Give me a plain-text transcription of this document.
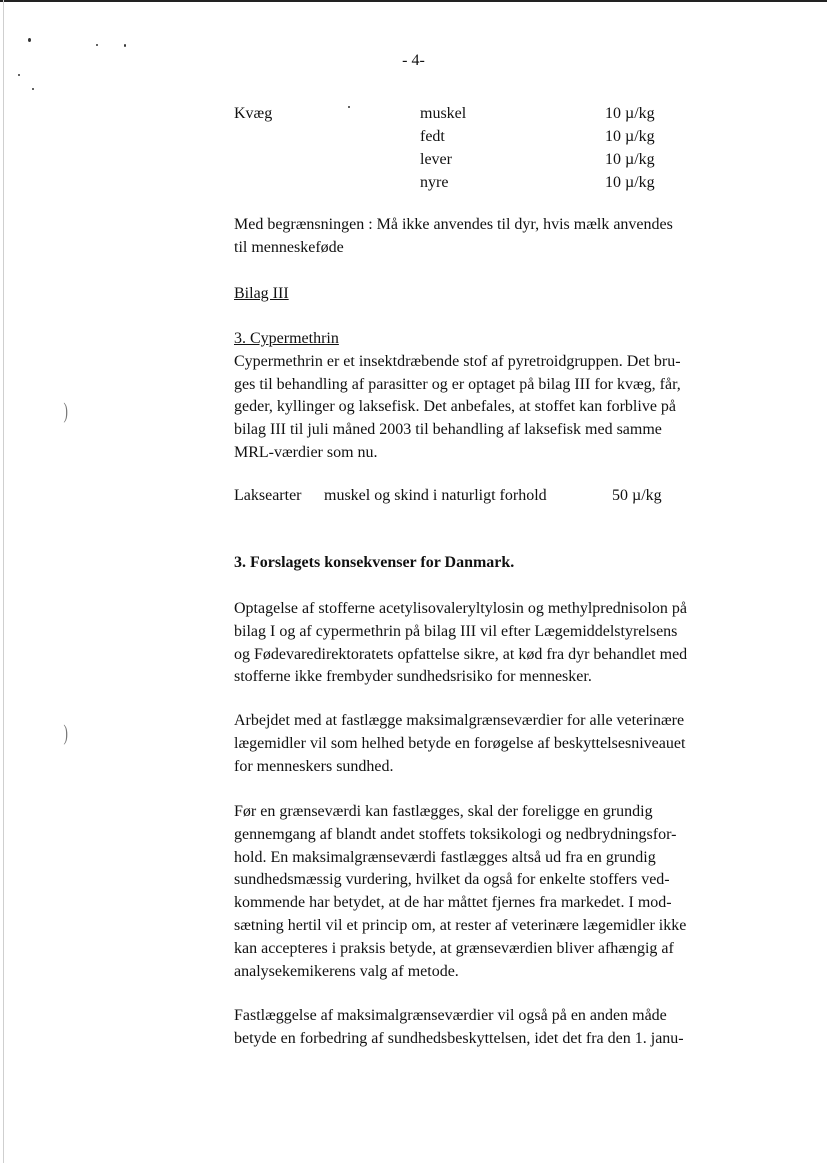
)
)
- 4-
Kvæg	muskel	10 µ/kg
fedt	10 µ/kg
lever	10 µ/kg
nyre	10 µ/kg
Med begrænsningen : Må ikke anvendes til dyr, hvis mælk anvendes
til menneskeføde
Bilag III
3. Cypermethrin
Cypermethrin er et insektdræbende stof af pyretroidgruppen. Det bru-
ges til behandling af parasitter og er optaget på bilag III for kvæg, får,
geder, kyllinger og laksefisk. Det anbefales, at stoffet kan forblive på
bilag III til juli måned 2003 til behandling af laksefisk med samme
MRL-værdier som nu.
Laksearter muskel og skind i naturligt forhold	50 µ/kg
3. Forslagets konsekvenser for Danmark.
Optagelse af stofferne acetylisovaleryltylosin og methylprednisolon på
bilag I og af cypermethrin på bilag III vil efter Lægemiddelstyrelsens
og Fødevaredirektoratets opfattelse sikre, at kød fra dyr behandlet med
stofferne ikke frembyder sundhedsrisiko for mennesker.
Arbejdet med at fastlægge maksimalgrænseværdier for alle veterinære
lægemidler vil som helhed betyde en forøgelse af beskyttelsesniveauet
for menneskers sundhed.
Før en grænseværdi kan fastlægges, skal der foreligge en grundig
gennemgang af blandt andet stoffets toksikologi og nedbrydningsfor-
hold. En maksimalgrænseværdi fastlægges altså ud fra en grundig
sundhedsmæssig vurdering, hvilket da også for enkelte stoffers ved-
kommende har betydet, at de har måttet fjernes fra markedet. I mod-
sætning hertil vil et princip om, at rester af veterinære lægemidler ikke
kan accepteres i praksis betyde, at grænseværdien bliver afhængig af
analysekemikerens valg af metode.
Fastlæggelse af maksimalgrænseværdier vil også på en anden måde
betyde en forbedring af sundhedsbeskyttelsen, idet det fra den 1. janu-
